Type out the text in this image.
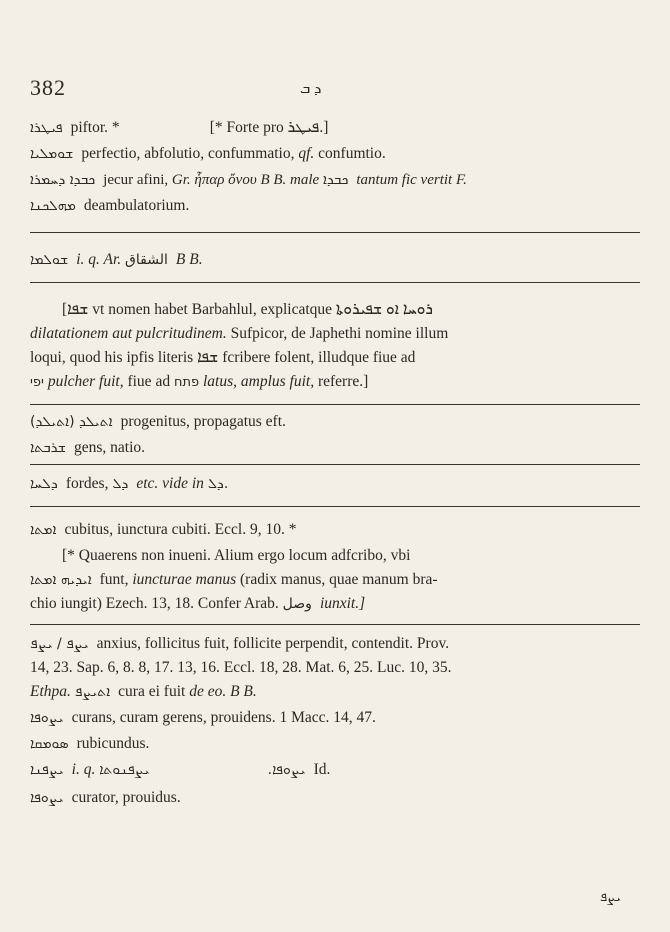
382	ܕ ܒ
ܦܝܛܪܐ piftor. *	[* Forte pro ܦܝܛܪ.]
ܫܘܡܠܝܐ perfectio, abfolutio, confummatio, qf. confumtio.
ܟܒܕܐ ܕܚܡܪܐ jecur afini, Gr. ἧπαρ ὄνου B B. male ܟܒܕܐ tantum fic vertit F.
ܡܗܠܟܢܐ deambulatorium.
ܫܘܠܡܐ i. q. Ar. الشقاق B B.
[ܫܦܐ vt nomen habet Barbahlul, explicatque ܪܘܚܐ ܐܘ ܫܦܝܪܘܬܐ
dilatationem aut pulcritudinem. Sufpicor, de Japhethi nomine illum
loqui, quod his ipfis literis ܫܦܐ fcribere folent, illudque fiue ad
יפי pulcher fuit, fiue ad פתח latus, amplus fuit, referre.]
(ܐܬܝܠܕ) ܐܬܝܠܕ progenitus, propagatus eft.
ܫܪܒܬܐ gens, natio.
ܕܠܚܐ fordes, ܕܠ etc. vide in ܕܠ.
ܐܡܬܐ cubitus, iunctura cubiti. Eccl. 9, 10. *
[* Quaerens non inueni. Alium ergo locum adfcribo, vbi
ܐܝܕܝܗ ܐܡܬܐ funt, iuncturae manus (radix manus, quae manum bra-
chio iungit) Ezech. 13, 18. Confer Arab. وصل iunxit.]
ܝܨܦ / ܝܨܦ anxius, follicitus fuit, follicite perpendit, contendit. Prov.
14, 23. Sap. 6, 8. 8, 17. 13, 16. Eccl. 18, 28. Mat. 6, 25. Luc. 10, 35.
Ethpa. ܐܬܝܨܦ cura ei fuit de eo. B B.
ܝܨܘܦܐ curans, curam gerens, prouidens. 1 Macc. 14, 47.
ܣܘܡܩܐ rubicundus.
ܝܨܦܢܐ i. q.	ܝܨܘܦܐ.ܝܨܦܢܘܬܐ	Id.
ܝܨܘܦܐ curator, prouidus.
ܝܨܦ
